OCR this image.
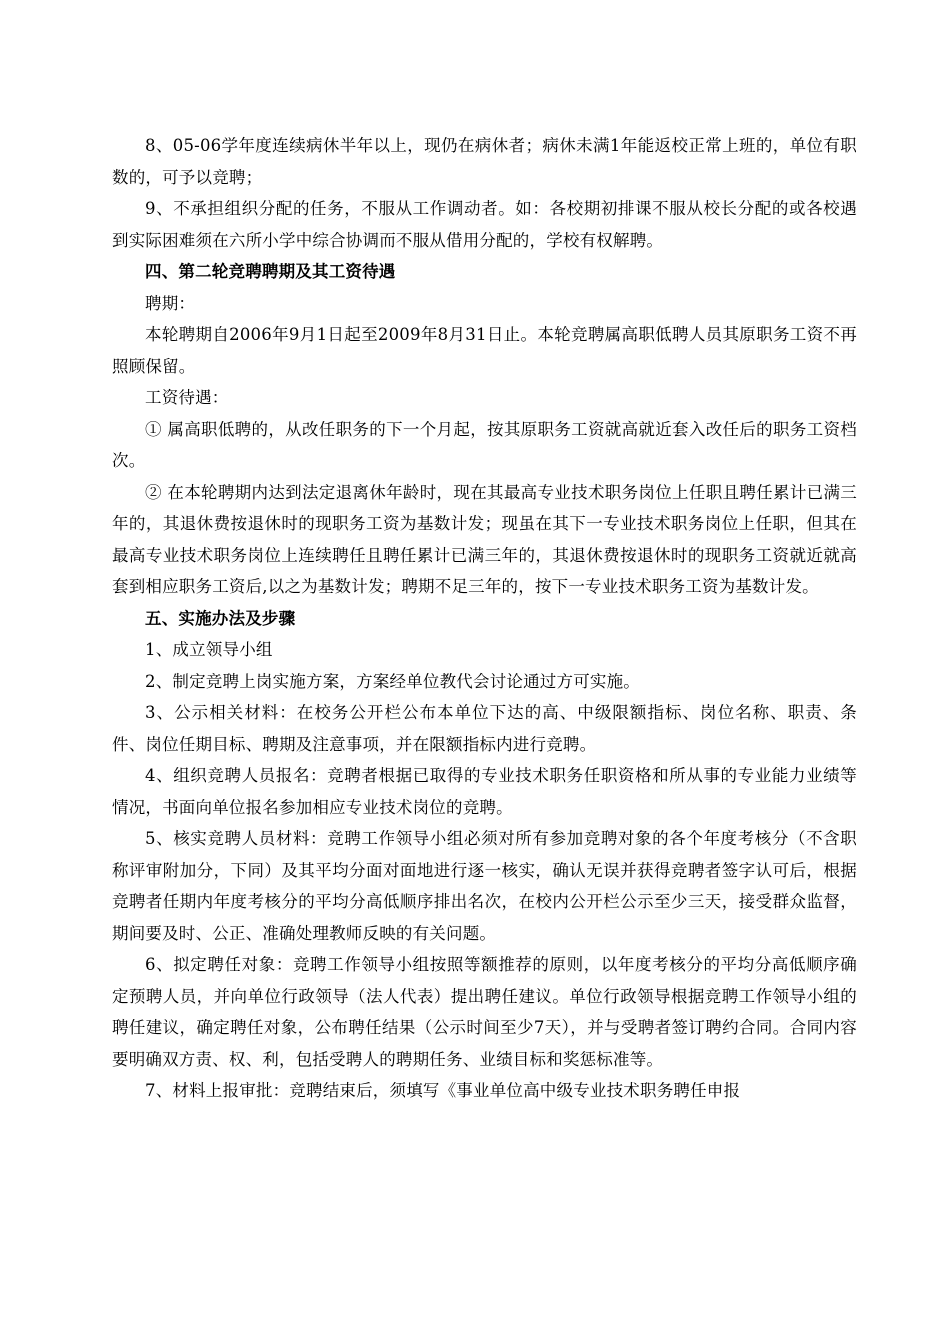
8、05-06学年度连续病休半年以上，现仍在病休者；病休未满1年能返校正常上班的，单位有职数的，可予以竞聘；

9、不承担组织分配的任务，不服从工作调动者。如：各校期初排课不服从校长分配的或各校遇到实际困难须在六所小学中综合协调而不服从借用分配的，学校有权解聘。

四、第二轮竞聘聘期及其工资待遇

聘期：

本轮聘期自2006年9月1日起至2009年8月31日止。本轮竞聘属高职低聘人员其原职务工资不再照顾保留。

工资待遇：

① 属高职低聘的，从改任职务的下一个月起，按其原职务工资就高就近套入改任后的职务工资档次。

② 在本轮聘期内达到法定退离休年龄时，现在其最高专业技术职务岗位上任职且聘任累计已满三年的，其退休费按退休时的现职务工资为基数计发；现虽在其下一专业技术职务岗位上任职，但其在最高专业技术职务岗位上连续聘任且聘任累计已满三年的，其退休费按退休时的现职务工资就近就高套到相应职务工资后,以之为基数计发；聘期不足三年的，按下一专业技术职务工资为基数计发。

五、实施办法及步骤

1、成立领导小组

2、制定竞聘上岗实施方案，方案经单位教代会讨论通过方可实施。

3、公示相关材料：在校务公开栏公布本单位下达的高、中级限额指标、岗位名称、职责、条件、岗位任期目标、聘期及注意事项，并在限额指标内进行竞聘。

4、组织竞聘人员报名：竞聘者根据已取得的专业技术职务任职资格和所从事的专业能力业绩等情况，书面向单位报名参加相应专业技术岗位的竞聘。

5、核实竞聘人员材料：竞聘工作领导小组必须对所有参加竞聘对象的各个年度考核分（不含职称评审附加分，下同）及其平均分面对面地进行逐一核实，确认无误并获得竞聘者签字认可后，根据竞聘者任期内年度考核分的平均分高低顺序排出名次，在校内公开栏公示至少三天，接受群众监督，期间要及时、公正、准确处理教师反映的有关问题。

6、拟定聘任对象：竞聘工作领导小组按照等额推荐的原则，以年度考核分的平均分高低顺序确定预聘人员，并向单位行政领导（法人代表）提出聘任建议。单位行政领导根据竞聘工作领导小组的聘任建议，确定聘任对象，公布聘任结果（公示时间至少7天），并与受聘者签订聘约合同。合同内容要明确双方责、权、利，包括受聘人的聘期任务、业绩目标和奖惩标准等。

7、材料上报审批：竞聘结束后，须填写《事业单位高中级专业技术职务聘任申报
